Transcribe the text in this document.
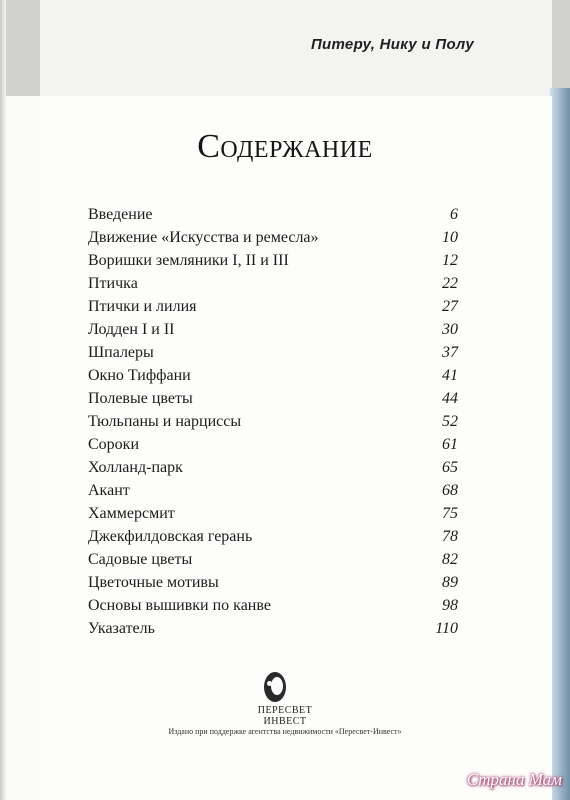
Питеру, Нику и Полу
Содержание
Введение	6
Движение «Искусства и ремесла»	10
Воришки земляники I, II и III	12
Птичка	22
Птички и лилия	27
Лодден I и II	30
Шпалеры	37
Окно Тиффани	41
Полевые цветы	44
Тюльпаны и нарциссы	52
Сороки	61
Холланд-парк	65
Акант	68
Хаммерсмит	75
Джекфилдовская герань	78
Садовые цветы	82
Цветочные мотивы	89
Основы вышивки по канве	98
Указатель	110
ПЕРЕСВЕТ
ИНВЕСТ
Издано при поддержке агентства недвижимости «Пересвет-Инвест»
Страна Мам
